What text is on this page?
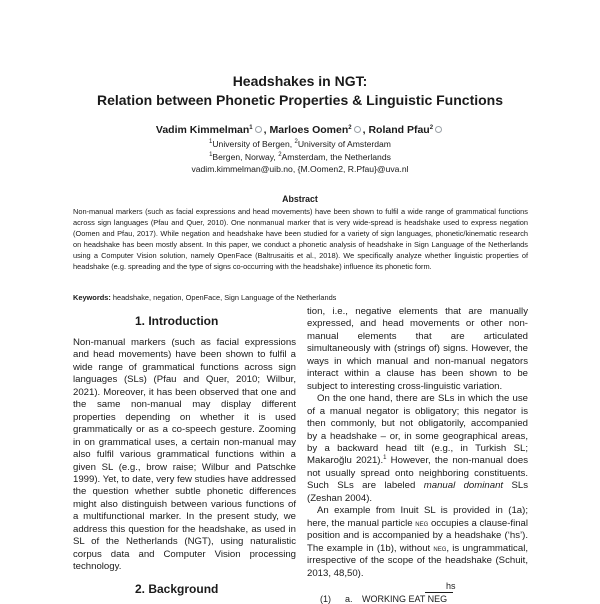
Headshakes in NGT:
Relation between Phonetic Properties & Linguistic Functions
Vadim Kimmelman$^1$ , Marloes Oomen$^2$ , Roland Pfau$^2$
$^1$University of Bergen, $^2$University of Amsterdam
$^1$Bergen, Norway, $^2$Amsterdam, the Netherlands
vadim.kimmelman@uib.no, {M.Oomen2, R.Pfau}@uva.nl
Abstract
Non-manual markers (such as facial expressions and head movements) have been shown to fulfil a wide range of grammatical functions across sign languages (Pfau and Quer, 2010). One nonmanual marker that is very wide-spread is headshake used to express negation (Oomen and Pfau, 2017). While negation and headshake have been studied for a variety of sign languages, phonetic/kinematic research on headshake has been mostly absent. In this paper, we conduct a phonetic analysis of headshake in Sign Language of the Netherlands using a Computer Vision solution, namely OpenFace (Baltrusaitis et al., 2018). We specifically analyze whether linguistic properties of headshake (e.g. spreading and the type of signs co-occurring with the headshake) influence its phonetic form.
Keywords: headshake, negation, OpenFace, Sign Language of the Netherlands
1. Introduction

Non-manual markers (such as facial expressions and head movements) have been shown to fulfil a wide range of grammatical functions across sign languages (SLs) (Pfau and Quer, 2010; Wilbur, 2021). Moreover, it has been observed that one and the same non-manual may display different properties depending on whether it is used grammatically or as a co-speech gesture. Zooming in on grammatical uses, a certain non-manual may also fulfil various grammatical functions within a given SL (e.g., brow raise; Wilbur and Patschke 1999). Yet, to date, very few studies have addressed the question whether subtle phonetic differences might also distinguish between various functions of a multifunctional marker. In the present study, we address this question for the headshake, as used in SL of the Netherlands (NGT), using naturalistic corpus data and Computer Vision processing technology.

2. Background

tion, i.e., negative elements that are manually expressed, and head movements or other non-manual elements that are articulated simultaneously with (strings of) signs. However, the ways in which manual and non-manual negators interact within a clause has been shown to be subject to interesting cross-linguistic variation.

On the one hand, there are SLs in which the use of a manual negator is obligatory; this negator is then commonly, but not obligatorily, accompanied by a headshake – or, in some geographical areas, by a backward head tilt (e.g., in Turkish SL; Makaroğlu 2021).$^1$ However, the non-manual does not usually spread onto neighboring constituents. Such SLs are labeled manual dominant SLs (Zeshan 2004).

An example from Inuit SL is provided in (1a); here, the manual particle neg occupies a clause-final position and is accompanied by a headshake (‘hs’). The example in (1b), without neg, is ungrammatical, irrespective of the scope of the headshake (Schuit, 2013, 48,50).

hs
(1) a. WORKING EAT NEG
